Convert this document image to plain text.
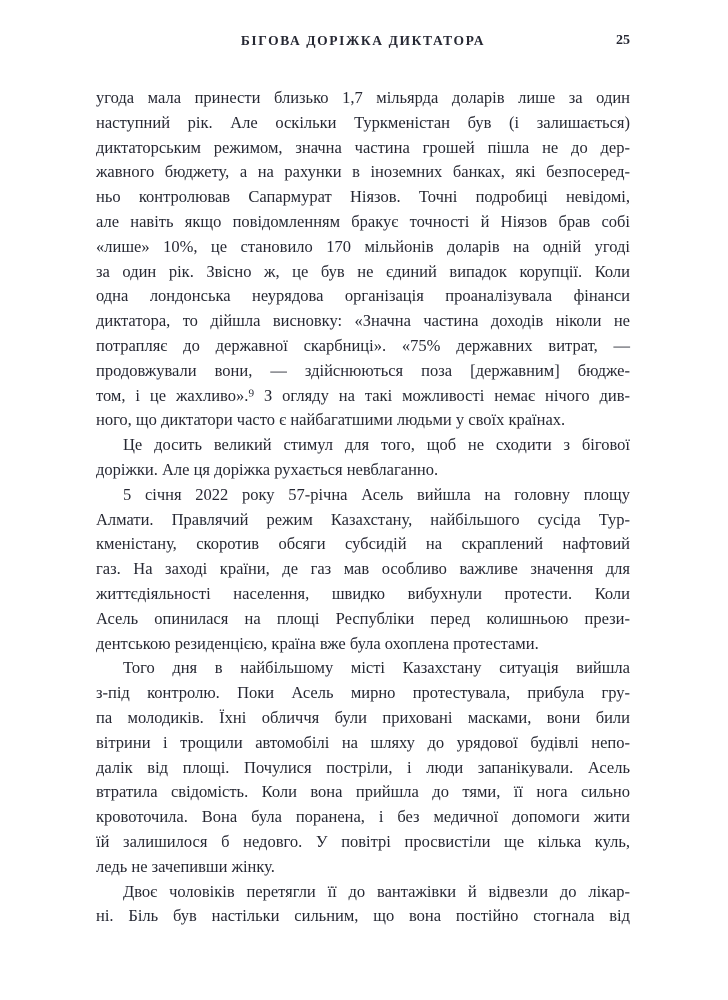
БІГОВА ДОРІЖКА ДИКТАТОРА	25
угода мала принести близько 1,7 мільярда доларів лише за один
наступний рік. Але оскільки Туркменістан був (і залишається)
диктаторським режимом, значна частина грошей пішла не до дер-
жавного бюджету, а на рахунки в іноземних банках, які безпосеред-
ньо контролював Сапармурат Ніязов. Точні подробиці невідомі,
але навіть якщо повідомленням бракує точності й Ніязов брав собі
«лише» 10%, це становило 170 мільйонів доларів на одній угоді
за один рік. Звісно ж, це був не єдиний випадок корупції. Коли
одна лондонська неурядова організація проаналізувала фінанси
диктатора, то дійшла висновку: «Значна частина доходів ніколи не
потрапляє до державної скарбниці». «75% державних витрат, —
продовжували вони, — здійснюються поза [державним] бюдже-
том, і це жахливо».⁹ З огляду на такі можливості немає нічого див-
ного, що диктатори часто є найбагатшими людьми у своїх країнах.
Це досить великий стимул для того, щоб не сходити з бігової
доріжки. Але ця доріжка рухається невблаганно.
5 січня 2022 року 57-річна Асель вийшла на головну площу
Алмати. Правлячий режим Казахстану, найбільшого сусіда Тур-
кменістану, скоротив обсяги субсидій на скраплений нафтовий
газ. На заході країни, де газ мав особливо важливе значення для
життєдіяльності населення, швидко вибухнули протести. Коли
Асель опинилася на площі Республіки перед колишньою прези-
дентською резиденцією, країна вже була охоплена протестами.
Того дня в найбільшому місті Казахстану ситуація вийшла
з-під контролю. Поки Асель мирно протестувала, прибула гру-
па молодиків. Їхні обличчя були приховані масками, вони били
вітрини і трощили автомобілі на шляху до урядової будівлі непо-
далік від площі. Почулися постріли, і люди запанікували. Асель
втратила свідомість. Коли вона прийшла до тями, її нога сильно
кровоточила. Вона була поранена, і без медичної допомоги жити
їй залишилося б недовго. У повітрі просвистіли ще кілька куль,
ледь не зачепивши жінку.
Двоє чоловіків перетягли її до вантажівки й відвезли до лікар-
ні. Біль був настільки сильним, що вона постійно стогнала від
